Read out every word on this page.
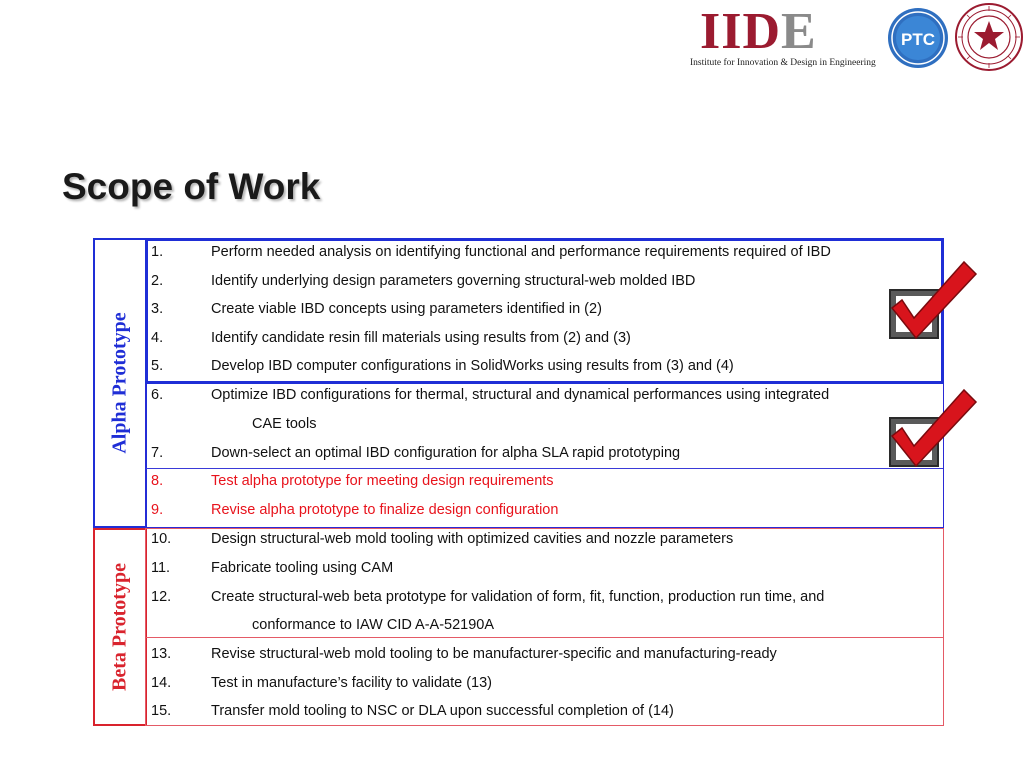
IIDE
Institute for Innovation & Design in Engineering
PTC
Scope of Work
Alpha Prototype
Beta Prototype
1.	Perform needed analysis on identifying functional and performance requirements required of IBD
2.	Identify underlying design parameters governing structural-web molded IBD
3.	Create viable IBD concepts using parameters identified in (2)
4.	Identify candidate resin fill materials using results from (2) and (3)
5.	Develop IBD computer configurations in SolidWorks using results from (3) and (4)
6.	Optimize IBD configurations for thermal, structural and dynamical performances using integrated
CAE tools
7.	Down-select an optimal IBD configuration for alpha SLA rapid prototyping
8.	Test alpha prototype for meeting design requirements
9.	Revise alpha prototype to finalize design configuration
10.	Design structural-web mold tooling with optimized cavities and nozzle parameters
11.	Fabricate tooling using CAM
12.	Create structural-web beta prototype for validation of form, fit, function, production run time, and
conformance to IAW CID A-A-52190A
13.	Revise structural-web mold tooling to be manufacturer-specific and manufacturing-ready
14.	Test in manufacture’s facility to validate (13)
15.	Transfer mold tooling to NSC or DLA upon successful completion of (14)
